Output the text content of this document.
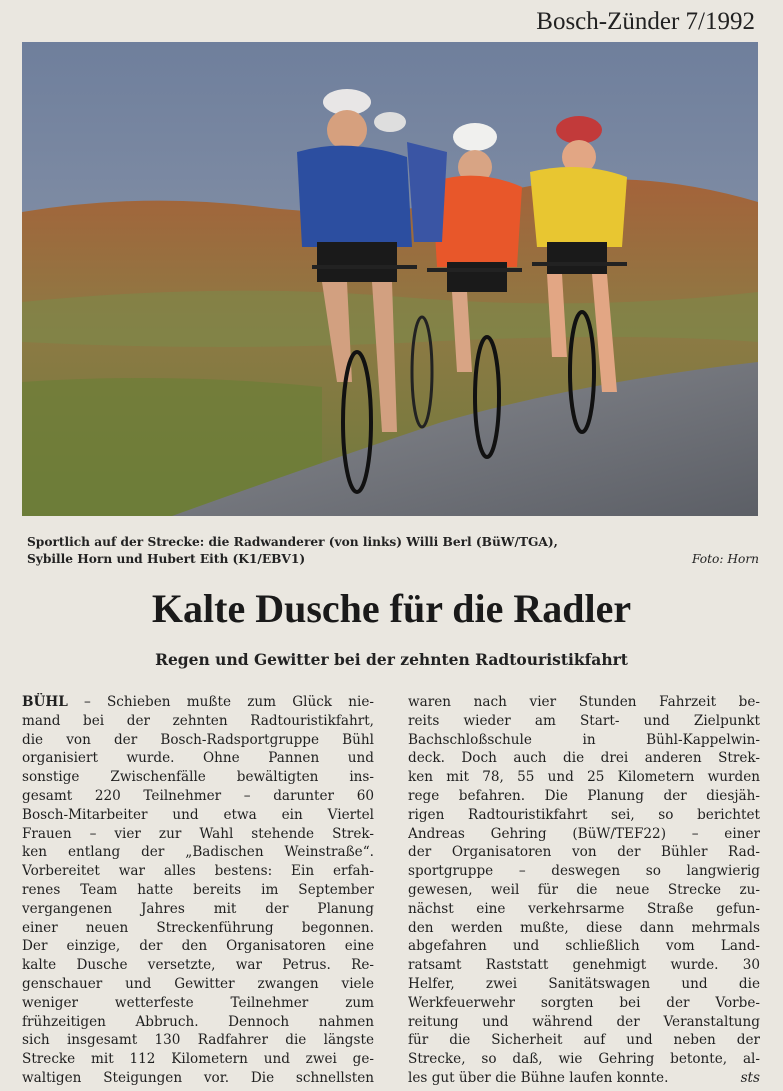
Bosch-Zünder 7/1992
Sportlich auf der Strecke: die Radwanderer (von links) Willi Berl (BüW/TGA),
Sybille Horn und Hubert Eith (K1/EBV1)	Foto: Horn
Kalte Dusche für die Radler
Regen und Gewitter bei der zehnten Radtouristikfahrt
BÜHL – Schieben mußte zum Glück nie-
mand bei der zehnten Radtouristikfahrt,
die von der Bosch-Radsportgruppe Bühl
organisiert wurde. Ohne Pannen und
sonstige Zwischenfälle bewältigten ins-
gesamt 220 Teilnehmer – darunter 60
Bosch-Mitarbeiter und etwa ein Viertel
Frauen – vier zur Wahl stehende Strek-
ken entlang der „Badischen Weinstraße“.
Vorbereitet war alles bestens: Ein erfah-
renes Team hatte bereits im September
vergangenen Jahres mit der Planung
einer neuen Streckenführung begonnen.
Der einzige, der den Organisatoren eine
kalte Dusche versetzte, war Petrus. Re-
genschauer und Gewitter zwangen viele
weniger wetterfeste Teilnehmer zum
frühzeitigen Abbruch. Dennoch nahmen
sich insgesamt 130 Radfahrer die längste
Strecke mit 112 Kilometern und zwei ge-
waltigen Steigungen vor. Die schnellsten
waren nach vier Stunden Fahrzeit be-
reits wieder am Start- und Zielpunkt
Bachschloßschule in Bühl-Kappelwin-
deck. Doch auch die drei anderen Strek-
ken mit 78, 55 und 25 Kilometern wurden
rege befahren. Die Planung der diesjäh-
rigen Radtouristikfahrt sei, so berichtet
Andreas Gehring (BüW/TEF22) – einer
der Organisatoren von der Bühler Rad-
sportgruppe – deswegen so langwierig
gewesen, weil für die neue Strecke zu-
nächst eine verkehrsarme Straße gefun-
den werden mußte, diese dann mehrmals
abgefahren und schließlich vom Land-
ratsamt Raststatt genehmigt wurde. 30
Helfer, zwei Sanitätswagen und die
Werkfeuerwehr sorgten bei der Vorbe-
reitung und während der Veranstaltung
für die Sicherheit auf und neben der
Strecke, so daß, wie Gehring betonte, al-
les gut über die Bühne laufen konnte.	sts
